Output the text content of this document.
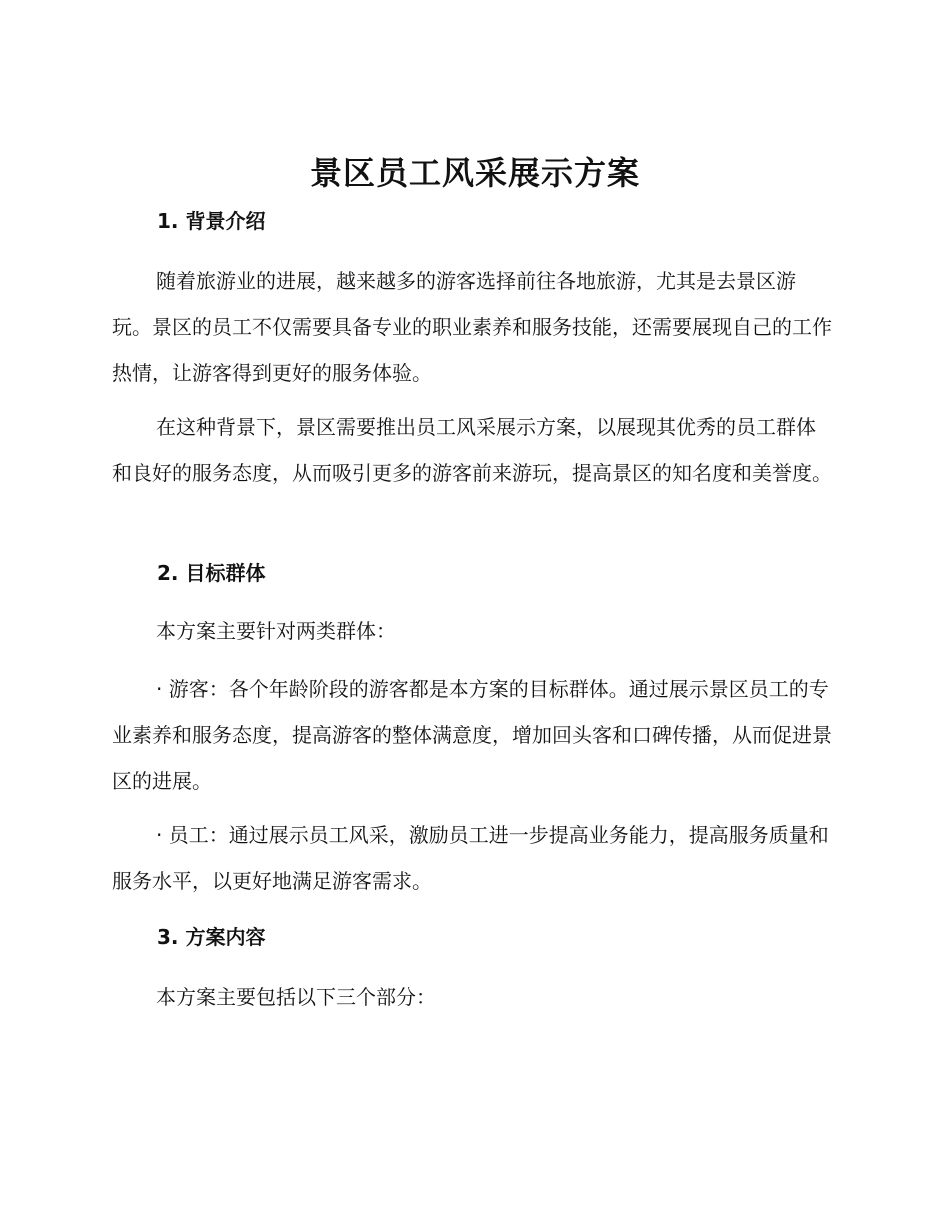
景区员工风采展示方案
1. 背景介绍

随着旅游业的进展，越来越多的游客选择前往各地旅游，尤其是去景区游玩。景区的员工不仅需要具备专业的职业素养和服务技能，还需要展现自己的工作热情，让游客得到更好的服务体验。

在这种背景下，景区需要推出员工风采展示方案，以展现其优秀的员工群体和良好的服务态度，从而吸引更多的游客前来游玩，提高景区的知名度和美誉度。

2. 目标群体

本方案主要针对两类群体：

· 游客：各个年龄阶段的游客都是本方案的目标群体。通过展示景区员工的专业素养和服务态度，提高游客的整体满意度，增加回头客和口碑传播，从而促进景区的进展。

· 员工：通过展示员工风采，激励员工进一步提高业务能力，提高服务质量和服务水平，以更好地满足游客需求。

3. 方案内容

本方案主要包括以下三个部分：
